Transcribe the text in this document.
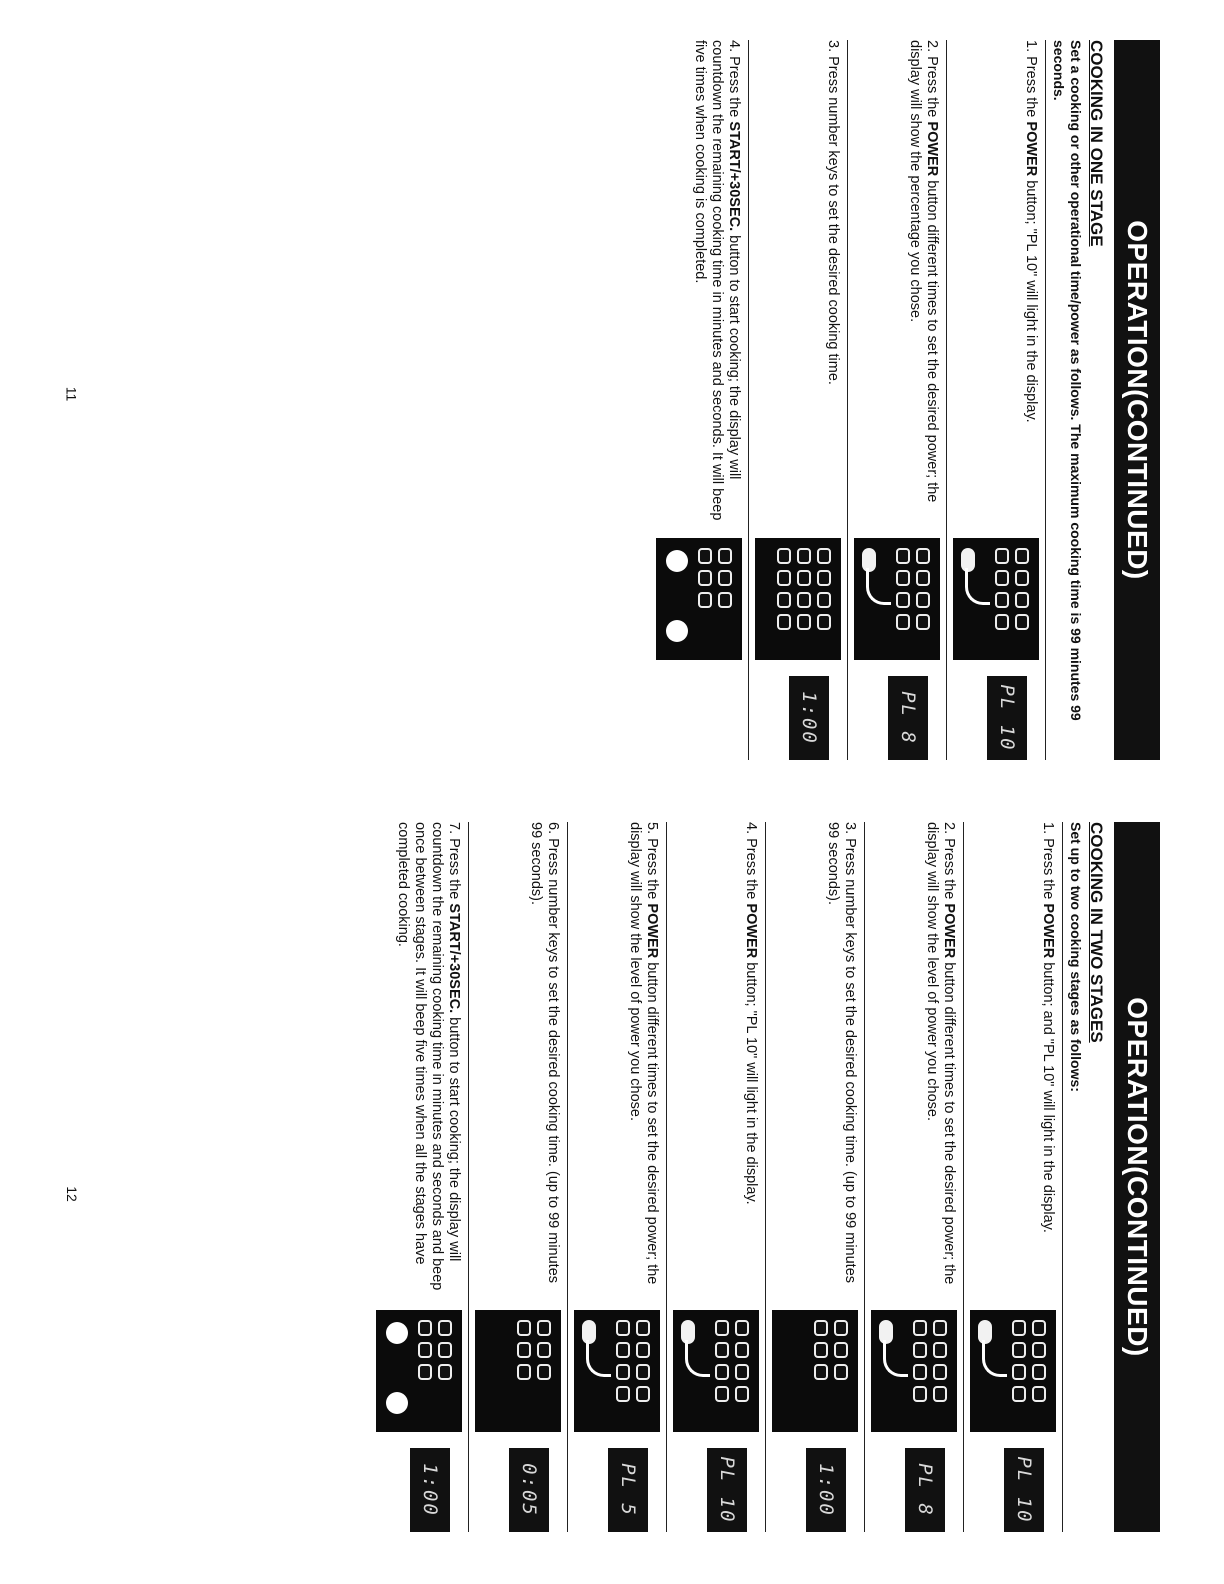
OPERATION(CONTINUED)
COOKING IN ONE STAGE
Set a cooking or other operational time/power as follows. The maximum cooking time is 99 minutes 99 seconds.
1. Press the POWER button; "PL 10" will light in the display.
PL 10
2. Press the POWER button different times to set the desired power; the display will show the percentage you chose.
PL 8
3. Press number keys to set the desired cooking time.
1:00
4. Press the START/+30SEC. button to start cooking; the display will countdown the remaining cooking time in minutes and seconds. It will beep five times when cooking is completed.
OPERATION(CONTINUED)
COOKING IN TWO STAGES
Set up to two cooking stages as follows:
1. Press the POWER button; and "PL 10" will light in the display.
PL 10
2. Press the POWER button different times to set the desired power; the display will show the level of power you chose.
PL 8
3. Press number keys to set the desired cooking time. (up to 99 minutes 99 seconds).
1:00
4. Press the POWER button; "PL 10" will light in the display.
PL 10
5. Press the POWER button different times to set the desired power; the display will show the level of power you chose.
PL 5
6. Press number keys to set the desired cooking time. (up to 99 minutes 99 seconds).
0:05
7. Press the START/+30SEC. button to start cooking; the display will countdown the remaining cooking time in minutes and seconds and beep once between stages. It will beep five times when all the stages have completed cooking.
1:00
11
12
